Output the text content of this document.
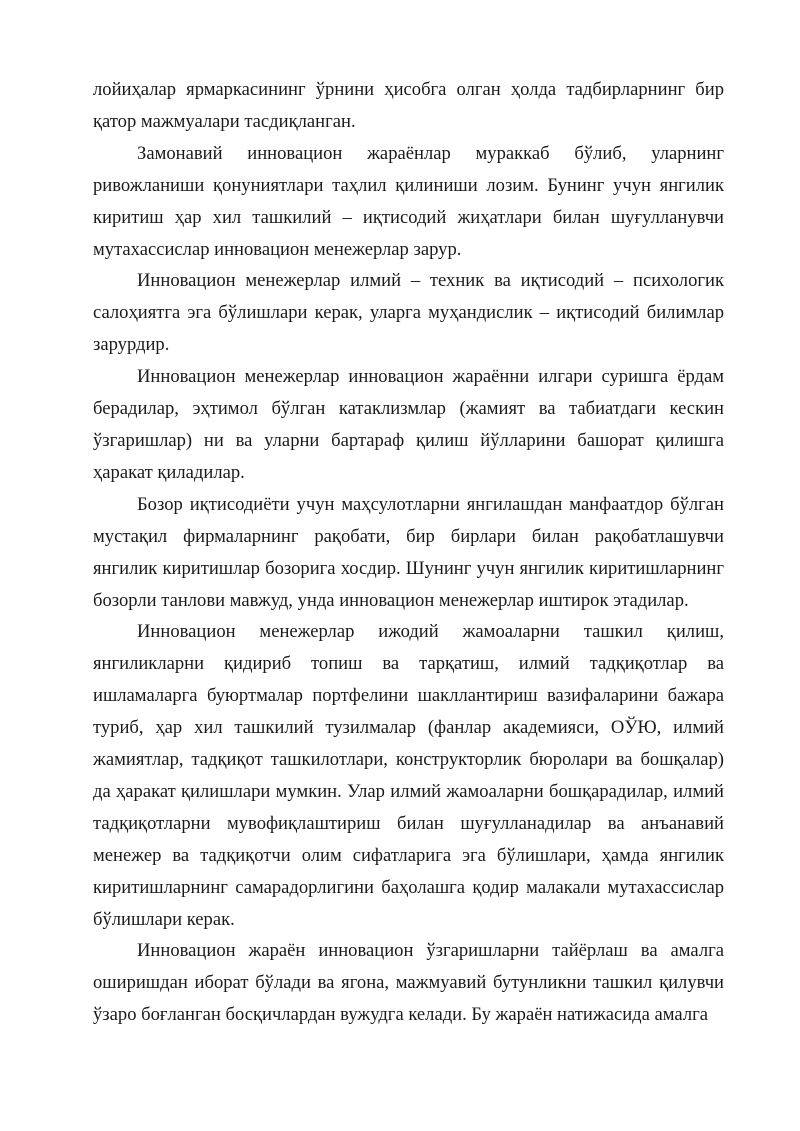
лойиҳалар ярмаркасининг ўрнини ҳисобга олган ҳолда тадбирларнинг бир қатор мажмуалари тасдиқланган.

Замонавий инновацион жараёнлар мураккаб бўлиб, уларнинг ривожланиши қонуниятлари таҳлил қилиниши лозим. Бунинг учун янгилик киритиш ҳар хил ташкилий – иқтисодий жиҳатлари билан шуғулланувчи мутахассислар инновацион менежерлар зарур.

Инновацион менежерлар илмий – техник ва иқтисодий – психологик салоҳиятга эга бўлишлари керак, уларга муҳандислик – иқтисодий билимлар зарурдир.

Инновацион менежерлар инновацион жараённи илгари суришга ёрдам берадилар, эҳтимол бўлган катаклизмлар (жамият ва табиатдаги кескин ўзгаришлар) ни ва уларни бартараф қилиш йўлларини башорат қилишга ҳаракат қиладилар.

Бозор иқтисодиёти учун маҳсулотларни янгилашдан манфаатдор бўлган мустақил фирмаларнинг рақобати, бир бирлари билан рақобатлашувчи янгилик киритишлар бозорига хосдир. Шунинг учун янгилик киритишларнинг бозорли танлови мавжуд, унда инновацион менежерлар иштирок этадилар.

Инновацион менежерлар ижодий жамоаларни ташкил қилиш, янгиликларни қидириб топиш ва тарқатиш, илмий тадқиқотлар ва ишламаларга буюртмалар портфелини шакллантириш вазифаларини бажара туриб, ҳар хил ташкилий тузилмалар (фанлар академияси, ОЎЮ, илмий жамиятлар, тадқиқот ташкилотлари, конструкторлик бюролари ва бошқалар) да ҳаракат қилишлари мумкин. Улар илмий жамоаларни бошқарадилар, илмий тадқиқотларни мувофиқлаштириш билан шуғулланадилар ва анъанавий менежер ва тадқиқотчи олим сифатларига эга бўлишлари, ҳамда янгилик киритишларнинг самарадорлигини баҳолашга қодир малакали мутахассислар бўлишлари керак.

Инновацион жараён инновацион ўзгаришларни тайёрлаш ва амалга оширишдан иборат бўлади ва ягона, мажмуавий бутунликни ташкил қилувчи ўзаро боғланган босқичлардан вужудга келади. Бу жараён натижасида амалга
